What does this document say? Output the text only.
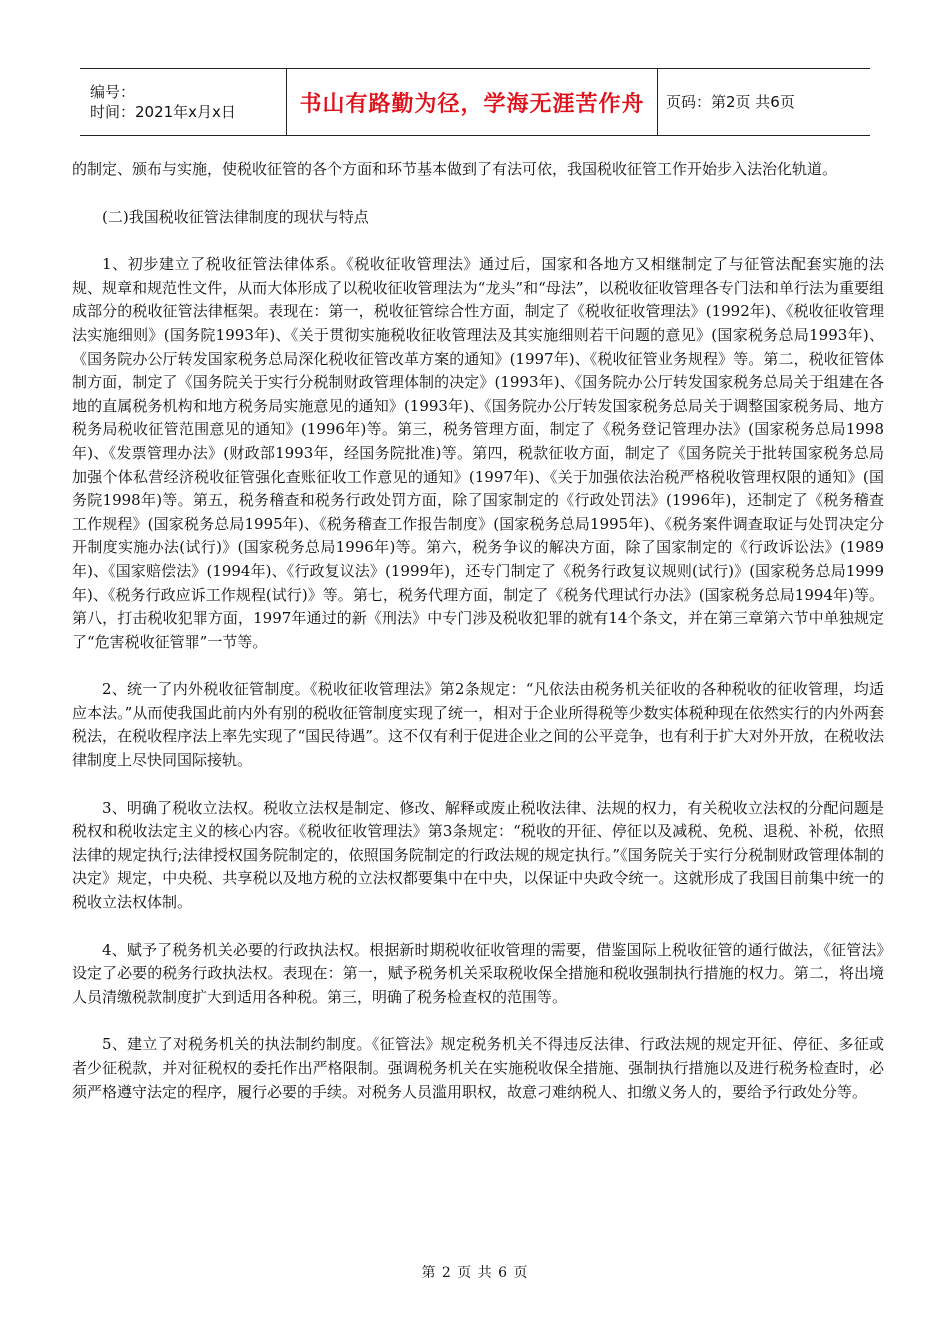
编号：
时间：2021年x月x日	书山有路勤为径，学海无涯苦作舟	页码：第2页 共6页

的制定、颁布与实施，使税收征管的各个方面和环节基本做到了有法可依，我国税收征管工作开始步入法治化轨道。

(二)我国税收征管法律制度的现状与特点

1、初步建立了税收征管法律体系。《税收征收管理法》通过后，国家和各地方又相继制定了与征管法配套实施的法规、规章和规范性文件，从而大体形成了以税收征收管理法为“龙头”和“母法”，以税收征收管理各专门法和单行法为重要组成部分的税收征管法律框架。表现在：第一，税收征管综合性方面，制定了《税收征收管理法》(1992年)、《税收征收管理法实施细则》(国务院1993年)、《关于贯彻实施税收征收管理法及其实施细则若干问题的意见》(国家税务总局1993年)、《国务院办公厅转发国家税务总局深化税收征管改革方案的通知》(1997年)、《税收征管业务规程》等。第二，税收征管体制方面，制定了《国务院关于实行分税制财政管理体制的决定》(1993年)、《国务院办公厅转发国家税务总局关于组建在各地的直属税务机构和地方税务局实施意见的通知》(1993年)、《国务院办公厅转发国家税务总局关于调整国家税务局、地方税务局税收征管范围意见的通知》(1996年)等。第三，税务管理方面，制定了《税务登记管理办法》(国家税务总局1998年)、《发票管理办法》(财政部1993年，经国务院批准)等。第四，税款征收方面，制定了《国务院关于批转国家税务总局加强个体私营经济税收征管强化查账征收工作意见的通知》(1997年)、《关于加强依法治税严格税收管理权限的通知》(国务院1998年)等。第五，税务稽查和税务行政处罚方面，除了国家制定的《行政处罚法》(1996年)，还制定了《税务稽查工作规程》(国家税务总局1995年)、《税务稽查工作报告制度》(国家税务总局1995年)、《税务案件调查取证与处罚决定分开制度实施办法(试行)》(国家税务总局1996年)等。第六，税务争议的解决方面，除了国家制定的《行政诉讼法》(1989年)、《国家赔偿法》(1994年)、《行政复议法》(1999年)，还专门制定了《税务行政复议规则(试行)》(国家税务总局1999年)、《税务行政应诉工作规程(试行)》等。第七，税务代理方面，制定了《税务代理试行办法》(国家税务总局1994年)等。第八，打击税收犯罪方面，1997年通过的新《刑法》中专门涉及税收犯罪的就有14个条文，并在第三章第六节中单独规定了“危害税收征管罪”一节等。

2、统一了内外税收征管制度。《税收征收管理法》第2条规定：“凡依法由税务机关征收的各种税收的征收管理，均适应本法。”从而使我国此前内外有别的税收征管制度实现了统一，相对于企业所得税等少数实体税种现在依然实行的内外两套税法，在税收程序法上率先实现了“国民待遇”。这不仅有利于促进企业之间的公平竞争，也有利于扩大对外开放，在税收法律制度上尽快同国际接轨。

3、明确了税收立法权。税收立法权是制定、修改、解释或废止税收法律、法规的权力，有关税收立法权的分配问题是税权和税收法定主义的核心内容。《税收征收管理法》第3条规定：“税收的开征、停征以及减税、免税、退税、补税，依照法律的规定执行;法律授权国务院制定的，依照国务院制定的行政法规的规定执行。”《国务院关于实行分税制财政管理体制的决定》规定，中央税、共享税以及地方税的立法权都要集中在中央，以保证中央政令统一。这就形成了我国目前集中统一的税收立法权体制。

4、赋予了税务机关必要的行政执法权。根据新时期税收征收管理的需要，借鉴国际上税收征管的通行做法，《征管法》设定了必要的税务行政执法权。表现在：第一，赋予税务机关采取税收保全措施和税收强制执行措施的权力。第二，将出境人员清缴税款制度扩大到适用各种税。第三，明确了税务检查权的范围等。

5、建立了对税务机关的执法制约制度。《征管法》规定税务机关不得违反法律、行政法规的规定开征、停征、多征或者少征税款，并对征税权的委托作出严格限制。强调税务机关在实施税收保全措施、强制执行措施以及进行税务检查时，必须严格遵守法定的程序，履行必要的手续。对税务人员滥用职权，故意刁难纳税人、扣缴义务人的，要给予行政处分等。

第 2 页 共 6 页
